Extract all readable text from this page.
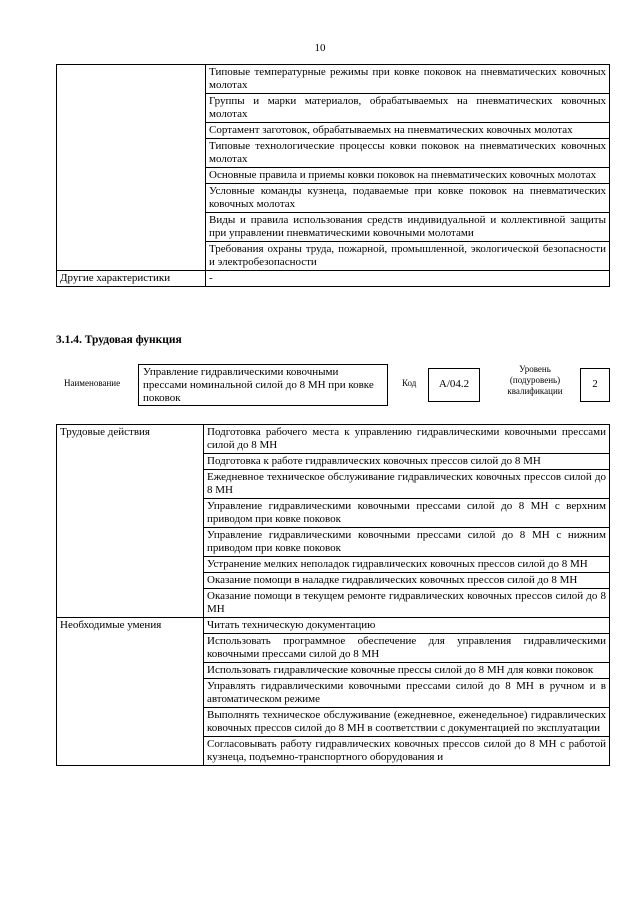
10
	Типовые температурные режимы при ковке поковок на пневматических ковочных молотах
	Группы и марки материалов, обрабатываемых на пневматических ковочных молотах
	Сортамент заготовок, обрабатываемых на пневматических ковочных молотах
	Типовые технологические процессы ковки поковок на пневматических ковочных молотах
	Основные правила и приемы ковки поковок на пневматических ковочных молотах
	Условные команды кузнеца, подаваемые при ковке поковок на пневматических ковочных молотах
	Виды и правила использования средств индивидуальной и коллективной защиты при управлении пневматическими ковочными молотами
	Требования охраны труда, пожарной, промышленной, экологической безопасности и электробезопасности
Другие характеристики	-
3.1.4. Трудовая функция
Наименование
Управление гидравлическими ковочными прессами номинальной силой до 8 МН при ковке поковок
Код	А/04.2
Уровень (подуровень) квалификации
2
Трудовые действия	Подготовка рабочего места к управлению гидравлическими ковочными прессами силой до 8 МН
	Подготовка к работе гидравлических ковочных прессов силой до 8 МН
	Ежедневное техническое обслуживание гидравлических ковочных прессов силой до 8 МН
	Управление гидравлическими ковочными прессами силой до 8 МН с верхним приводом при ковке поковок
	Управление гидравлическими ковочными прессами силой до 8 МН с нижним приводом при ковке поковок
	Устранение мелких неполадок гидравлических ковочных прессов силой до 8 МН
	Оказание помощи в наладке гидравлических ковочных прессов силой до 8 МН
	Оказание помощи в текущем ремонте гидравлических ковочных прессов силой до 8 МН
Необходимые умения	Читать техническую документацию
	Использовать программное обеспечение для управления гидравлическими ковочными прессами силой до 8 МН
	Использовать гидравлические ковочные прессы силой до 8 МН для ковки поковок
	Управлять гидравлическими ковочными прессами силой до 8 МН в ручном и в автоматическом режиме
	Выполнять техническое обслуживание (ежедневное, еженедельное) гидравлических ковочных прессов силой до 8 МН в соответствии с документацией по эксплуатации
	Согласовывать работу гидравлических ковочных прессов силой до 8 МН с работой кузнеца, подъемно-транспортного оборудования и
